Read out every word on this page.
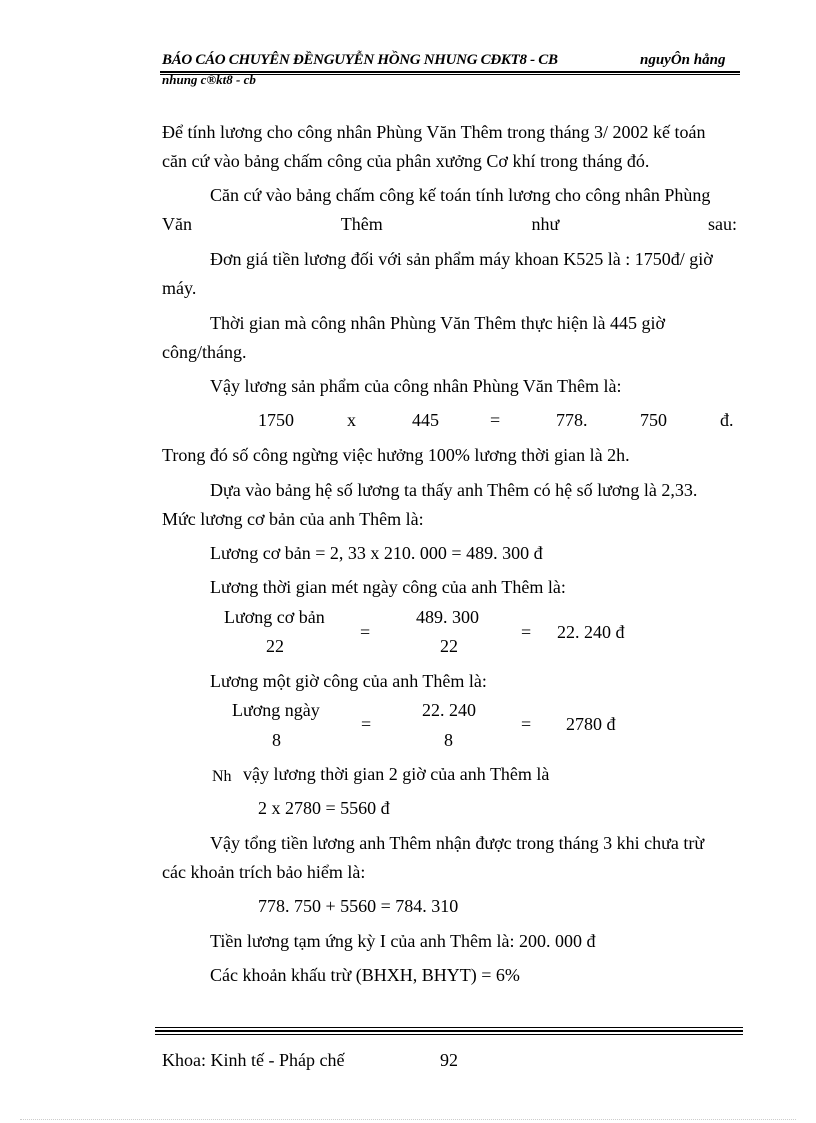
BÁO CÁO CHUYÊN ĐỀNGUYỄN HỒNG NHUNG CĐKT8 - CB	nguyÔn hång
nhung c®kt8 - cb
Để tính lương cho công nhân Phùng Văn Thêm trong tháng 3/ 2002 kế toán
căn cứ vào bảng chấm công của phân xưởng Cơ khí trong tháng đó.
Căn cứ vào bảng chấm công kế toán tính lương cho công nhân Phùng
Văn	Thêm	như	sau:
Đơn giá tiền lương đối với sản phẩm máy khoan K525 là : 1750đ/ giờ
máy.
Thời gian mà công nhân Phùng Văn Thêm thực hiện là 445 giờ
công/tháng.
Vậy lương sản phẩm của công nhân Phùng Văn Thêm là:
1750	x	445	=	778.	750	đ.
Trong đó số công ngừng việc hưởng 100% lương thời gian là 2h.
Dựa vào bảng hệ số lương ta thấy anh Thêm có hệ số lương là 2,33.
Mức lương cơ bản của anh Thêm là:
Lương cơ bản = 2, 33 x 210. 000 = 489. 300 đ
Lương thời gian mét ngày công của anh Thêm là:
Lương cơ bản
22
=
489. 300
22
= 22. 240 đ
Lương một giờ công của anh Thêm là:
Lương ngày
8
=
22. 240
8
= 2780 đ
Nh vậy lương thời gian 2 giờ của anh Thêm là
2 x 2780 = 5560 đ
Vậy tổng tiền lương anh Thêm nhận được trong tháng 3 khi chưa trừ
các khoản trích bảo hiểm là:
778. 750 + 5560 = 784. 310
Tiền lương tạm ứng kỳ I của anh Thêm là: 200. 000 đ
Các khoản khấu trừ (BHXH, BHYT) = 6%
Khoa: Kinh tế - Pháp chế	92
